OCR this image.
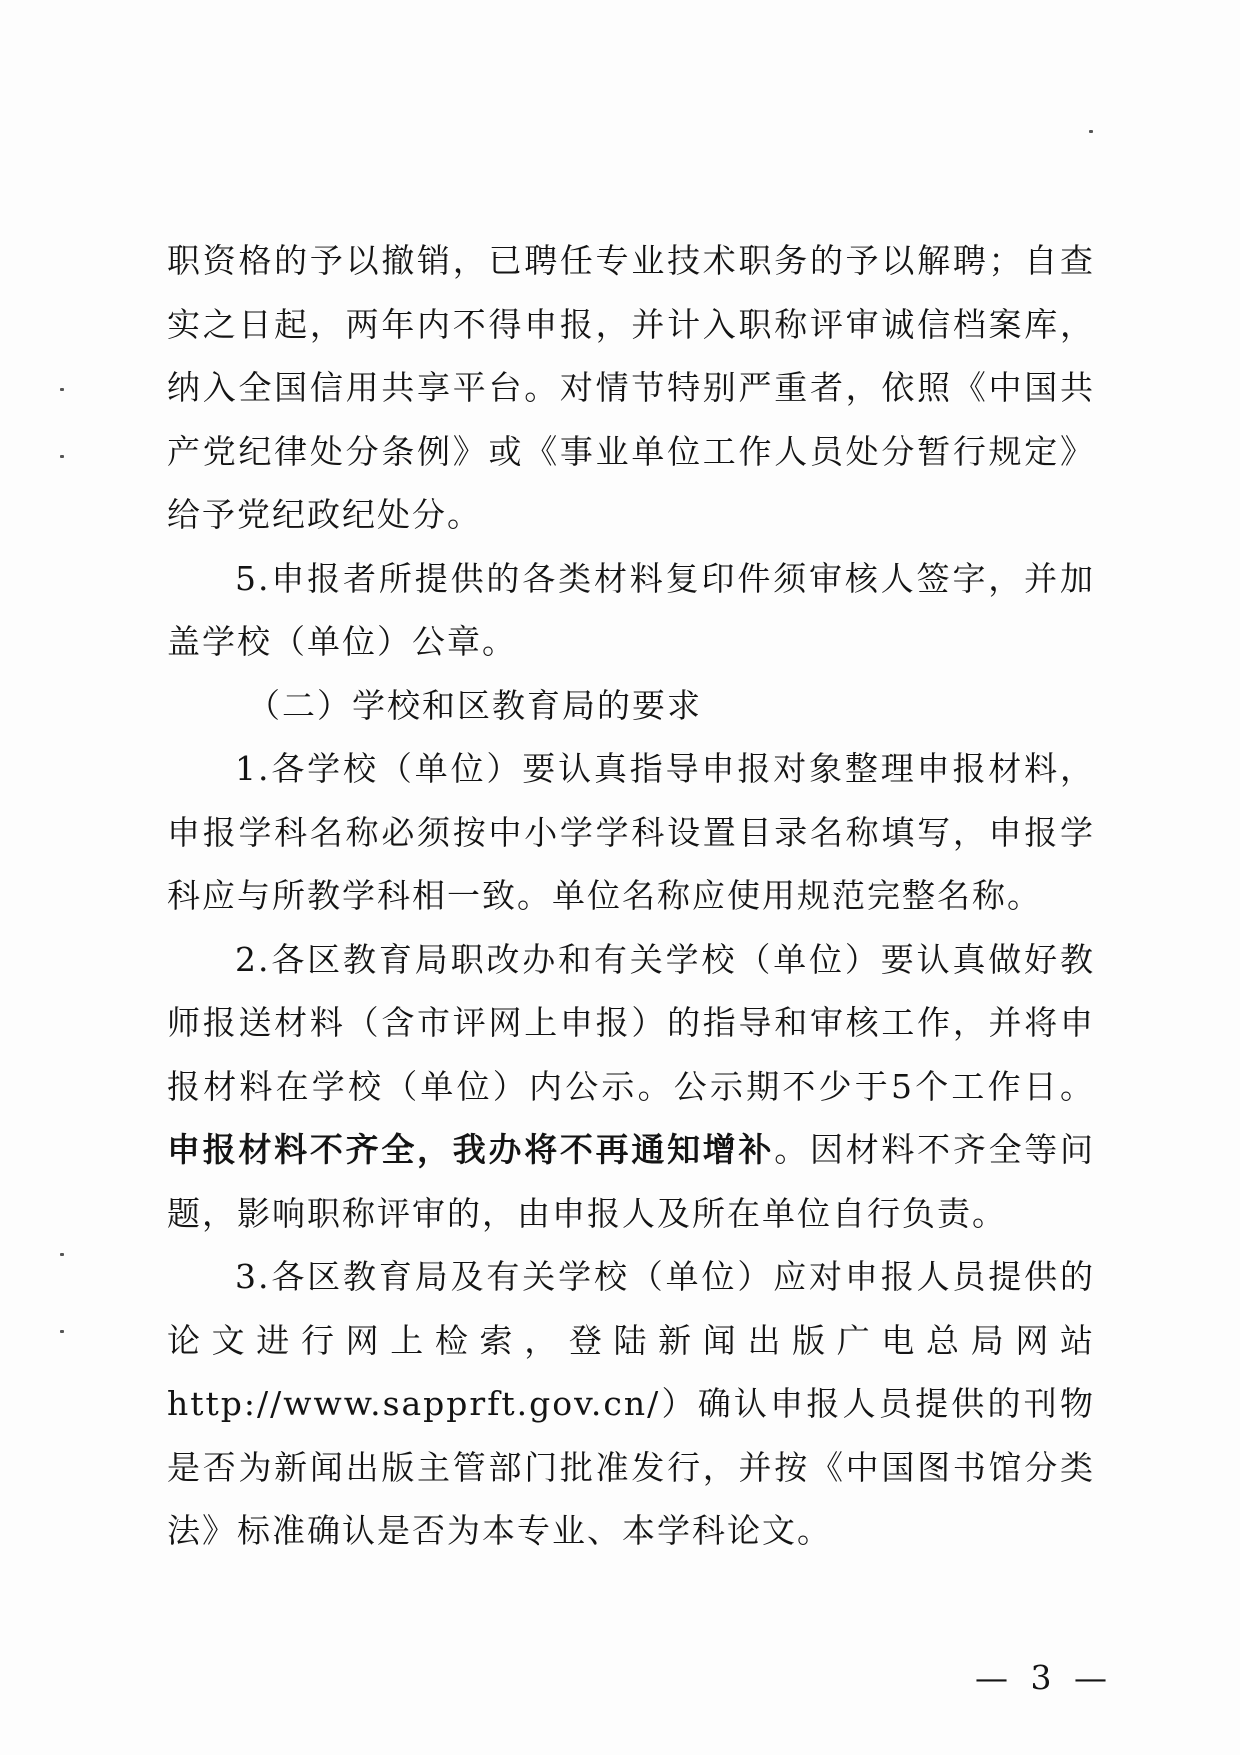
职资格的予以撤销，已聘任专业技术职务的予以解聘；自查实之日起，两年内不得申报，并计入职称评审诚信档案库，纳入全国信用共享平台。对情节特别严重者，依照《中国共产党纪律处分条例》或《事业单位工作人员处分暂行规定》给予党纪政纪处分。

5.申报者所提供的各类材料复印件须审核人签字，并加盖学校（单位）公章。

（二）学校和区教育局的要求

1.各学校（单位）要认真指导申报对象整理申报材料，申报学科名称必须按中小学学科设置目录名称填写，申报学科应与所教学科相一致。单位名称应使用规范完整名称。

2.各区教育局职改办和有关学校（单位）要认真做好教师报送材料（含市评网上申报）的指导和审核工作，并将申报材料在学校（单位）内公示。公示期不少于5个工作日。申报材料不齐全，我办将不再通知增补。因材料不齐全等问题，影响职称评审的，由申报人及所在单位自行负责。

3.各区教育局及有关学校（单位）应对申报人员提供的论文进行网上检索，登陆新闻出版广电总局网站

http://www.sapprft.gov.cn/）确认申报人员提供的刊物是否为新闻出版主管部门批准发行，并按《中国图书馆分类法》标准确认是否为本专业、本学科论文。

— 3 —
